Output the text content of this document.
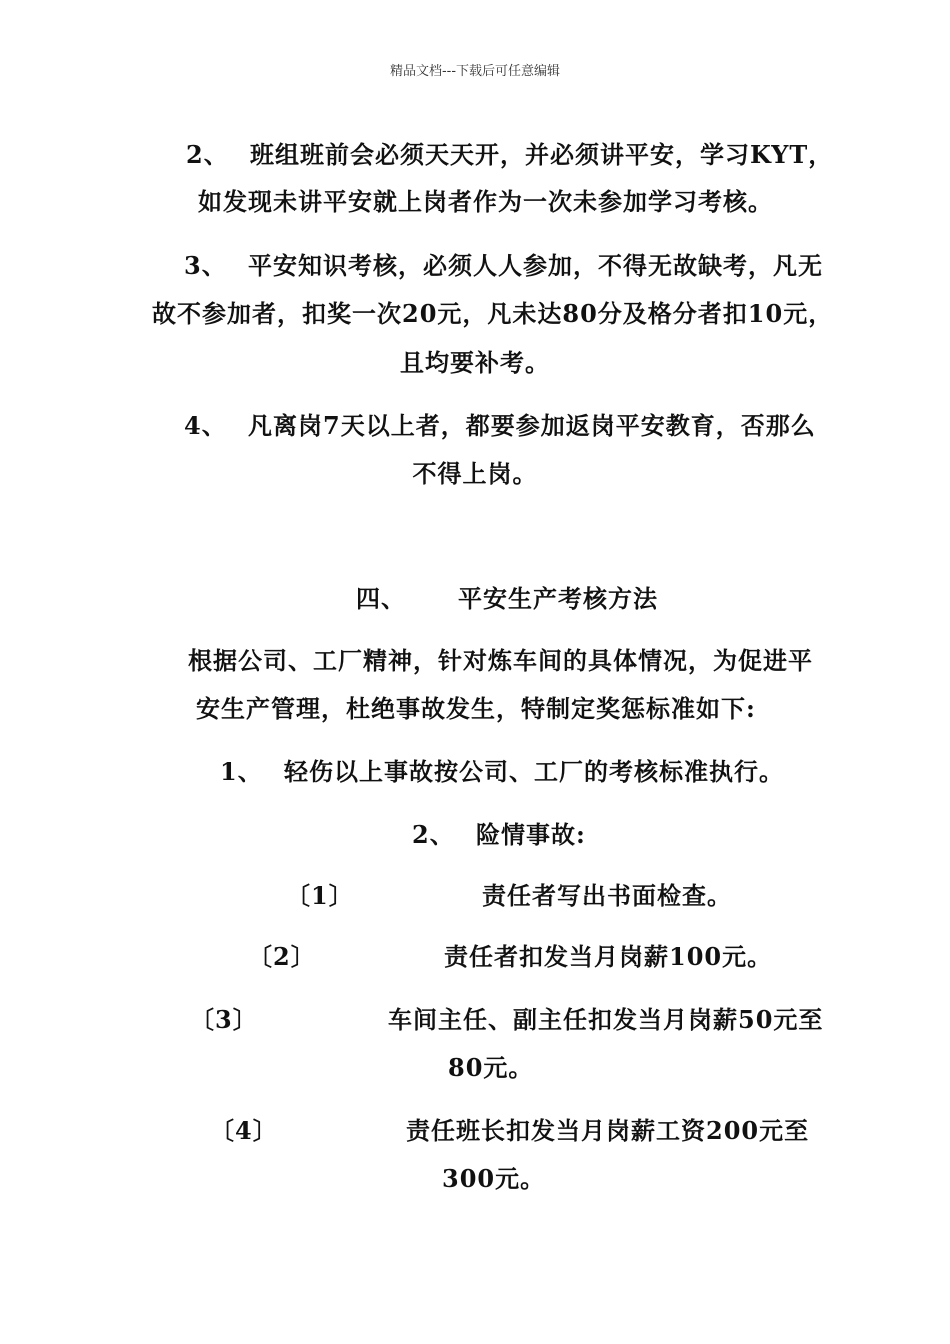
精品文档---下载后可任意编辑
2、 班组班前会必须天天开，并必须讲平安，学习KYT，
如发现未讲平安就上岗者作为一次未参加学习考核。
3、 平安知识考核，必须人人参加，不得无故缺考，凡无
故不参加者，扣奖一次20元，凡未达80分及格分者扣10元，
且均要补考。
4、 凡离岗7天以上者，都要参加返岗平安教育，否那么
不得上岗。
四、 平安生产考核方法
根据公司、工厂精神，针对炼车间的具体情况，为促进平
安生产管理，杜绝事故发生，特制定奖惩标准如下:
1、 轻伤以上事故按公司、工厂的考核标准执行。
2、 险情事故:
〔1〕	责任者写出书面检查。
〔2〕	责任者扣发当月岗薪100元。
〔3〕	车间主任、副主任扣发当月岗薪50元至
80元。
〔4〕	责任班长扣发当月岗薪工资200元至
300元。
